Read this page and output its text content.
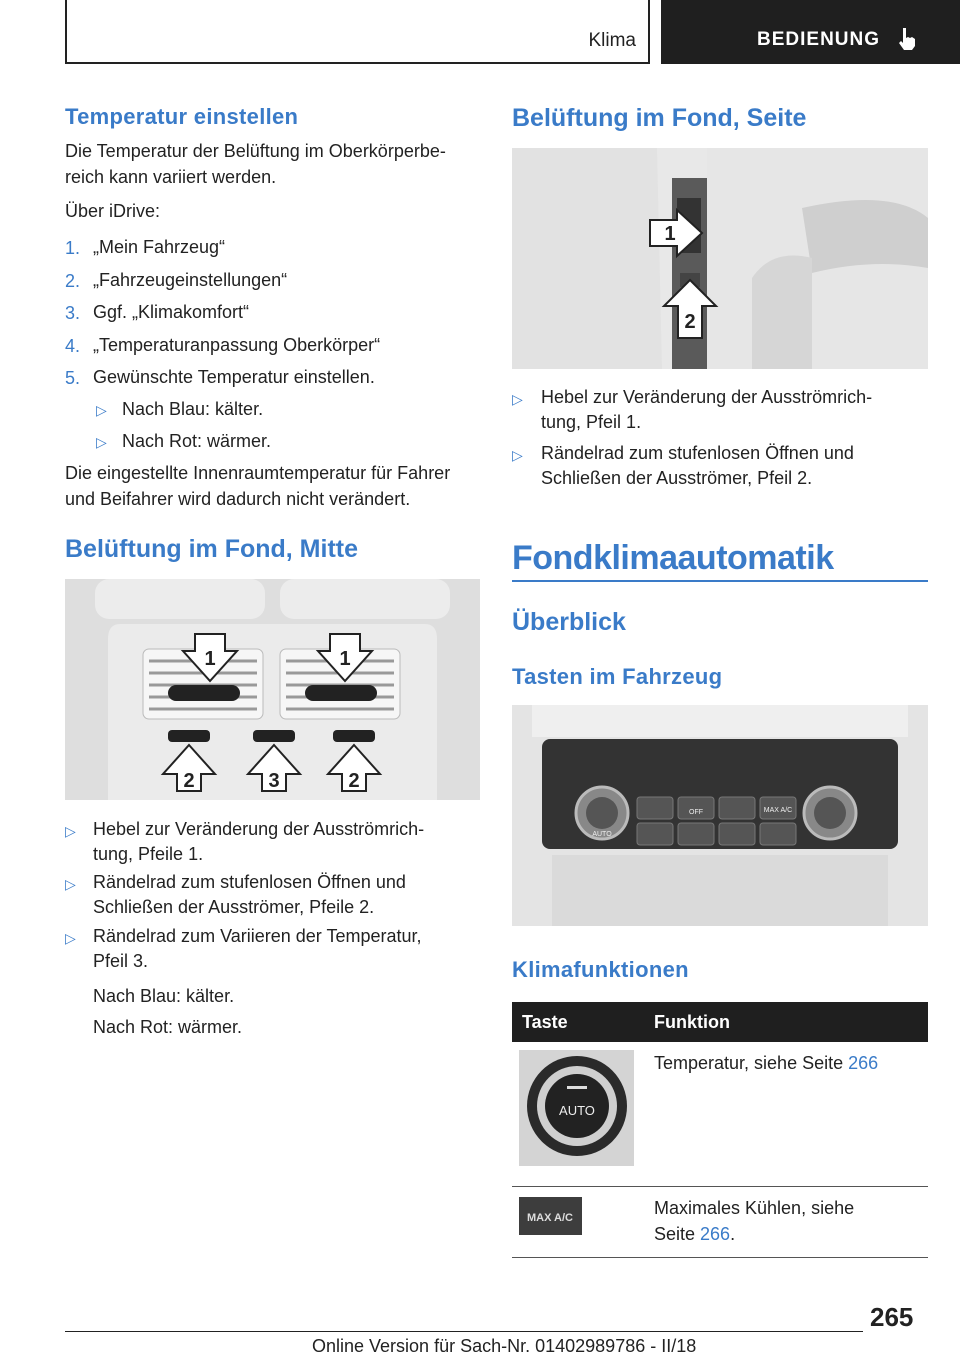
Klima	BEDIENUNG
Temperatur einstellen

Die Temperatur der Belüftung im Oberkörperbe-

reich kann variiert werden.

Über iDrive:

1. „Mein Fahrzeug“
2. „Fahrzeugeinstellungen“
3. Ggf. „Klimakomfort“
4. „Temperaturanpassung Oberkörper“
5. Gewünschte Temperatur einstellen.
▷ Nach Blau: kälter.
▷ Nach Rot: wärmer.

Die eingestellte Innenraumtemperatur für Fahrer

und Beifahrer wird dadurch nicht verändert.

Belüftung im Fond, Mitte
1	1
2	3	2
▷ Hebel zur Veränderung der Ausströmrich-
tung, Pfeile 1.
▷ Rändelrad zum stufenlosen Öffnen und
Schließen der Ausströmer, Pfeile 2.
▷ Rändelrad zum Variieren der Temperatur,
Pfeil 3.
Nach Blau: kälter.
Nach Rot: wärmer.
Belüftung im Fond, Seite
1
2
▷ Hebel zur Veränderung der Ausströmrich-
tung, Pfeil 1.
▷ Rändelrad zum stufenlosen Öffnen und
Schließen der Ausströmer, Pfeil 2.
Fondklimaautomatik
Überblick
Tasten im Fahrzeug
AUTO
OFF	MAX A/C
Klimafunktionen
Taste	Funktion

AUTO	Temperatur, siehe Seite 266

MAX A/C	Maximales Kühlen, siehe
Seite 266.
265
Online Version für Sach-Nr. 01402989786 - II/18
